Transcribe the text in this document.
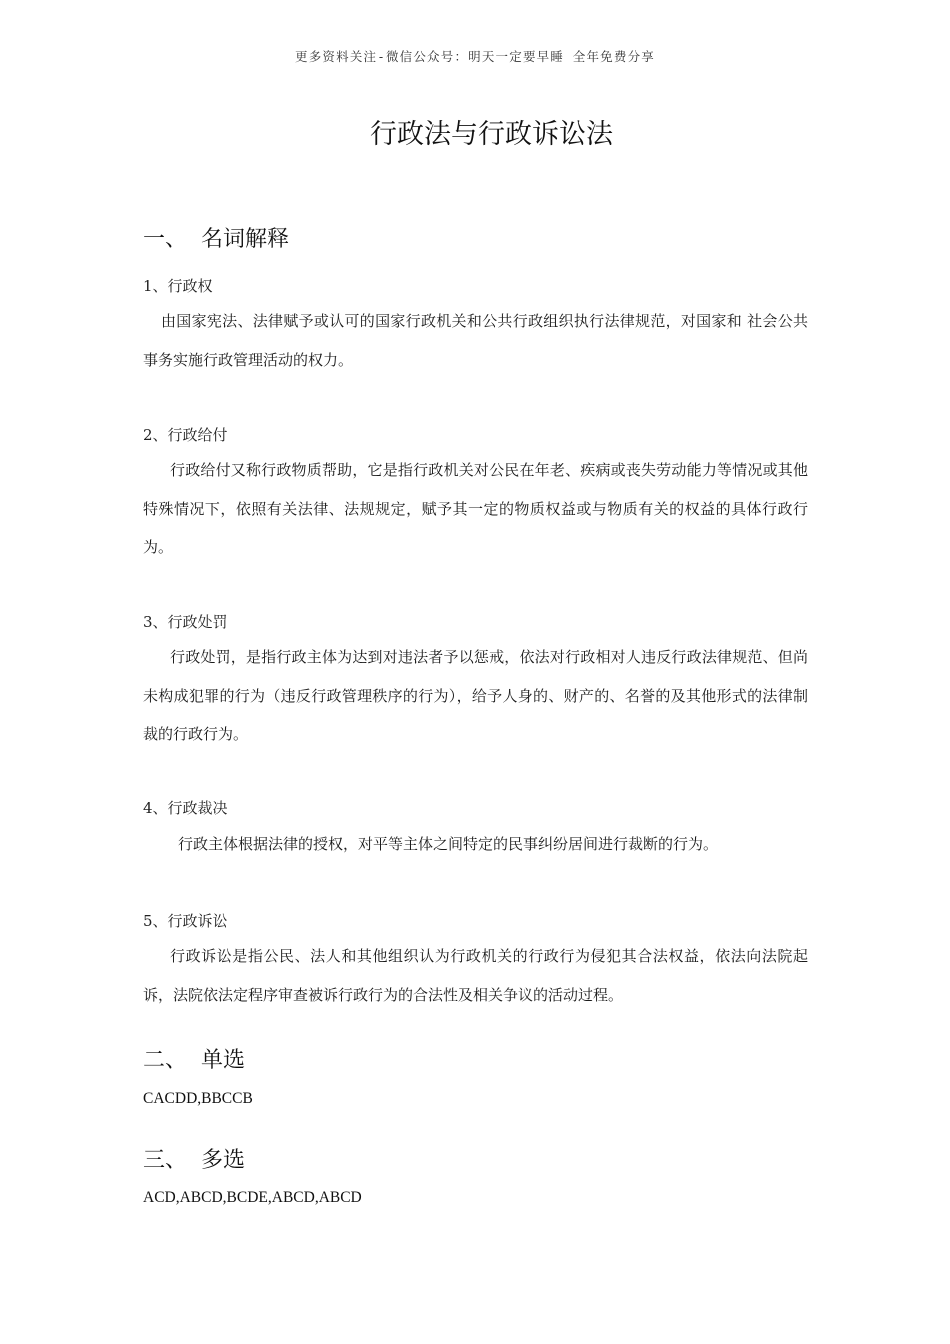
更多资料关注-微信公众号：明天一定要早睡 全年免费分享
行政法与行政诉讼法
一、 名词解释
1、行政权
由国家宪法、法律赋予或认可的国家行政机关和公共行政组织执行法律规范，对国家和 社会公共事务实施行政管理活动的权力。
2、行政给付
行政给付又称行政物质帮助，它是指行政机关对公民在年老、疾病或丧失劳动能力等情况或其他特殊情况下，依照有关法律、法规规定，赋予其一定的物质权益或与物质有关的权益的具体行政行为。
3、行政处罚
行政处罚，是指行政主体为达到对违法者予以惩戒，依法对行政相对人违反行政法律规范、但尚未构成犯罪的行为（违反行政管理秩序的行为），给予人身的、财产的、名誉的及其他形式的法律制裁的行政行为。
4、行政裁决
行政主体根据法律的授权，对平等主体之间特定的民事纠纷居间进行裁断的行为。
5、行政诉讼
行政诉讼是指公民、法人和其他组织认为行政机关的行政行为侵犯其合法权益，依法向法院起诉，法院依法定程序审查被诉行政行为的合法性及相关争议的活动过程。
二、 单选
CACDD,BBCCB
三、 多选
ACD,ABCD,BCDE,ABCD,ABCD
